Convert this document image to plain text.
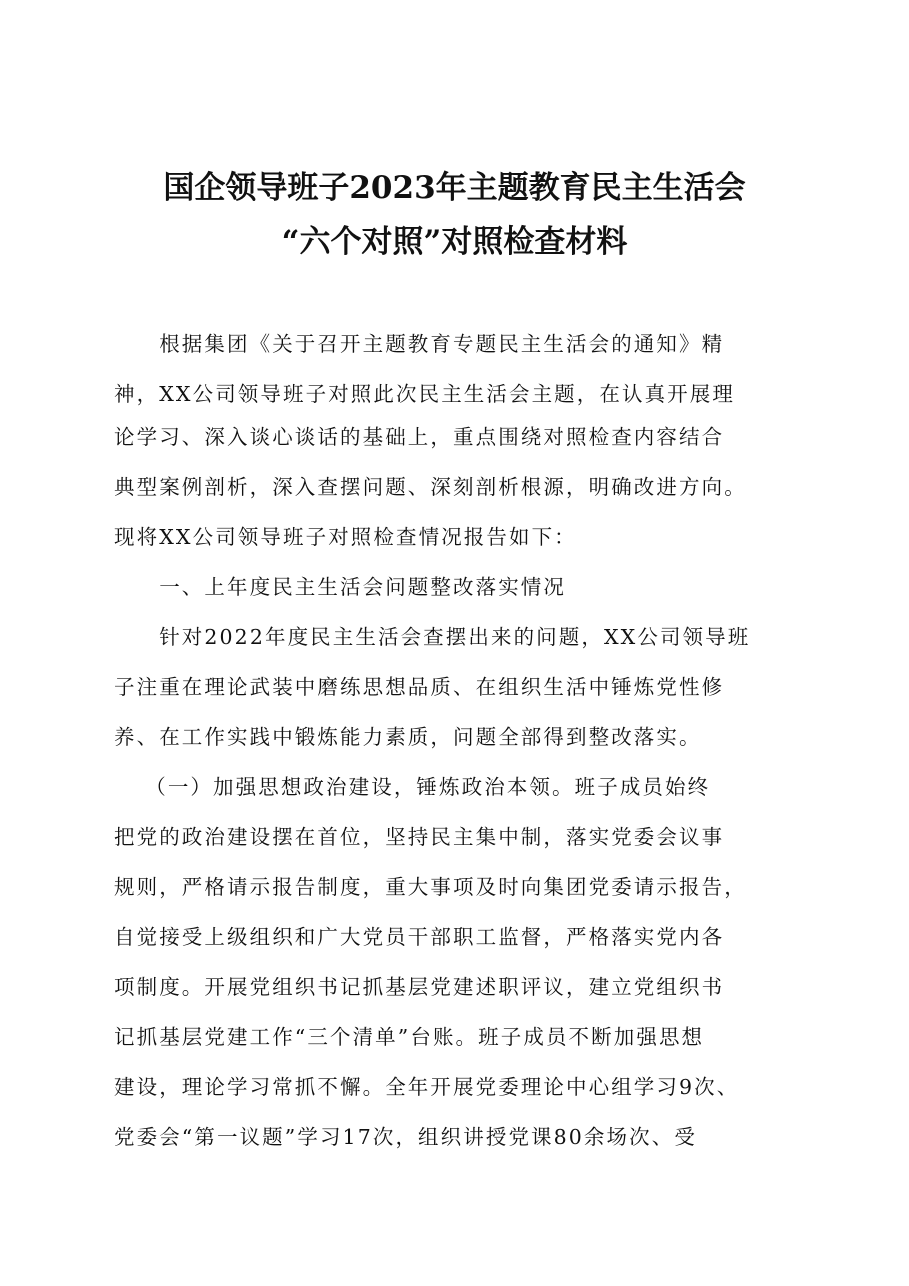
国企领导班子2023年主题教育民主生活会
“六个对照”对照检查材料
　　根据集团《关于召开主题教育专题民主生活会的通知》精
神，XX公司领导班子对照此次民主生活会主题，在认真开展理
论学习、深入谈心谈话的基础上，重点围绕对照检查内容结合
典型案例剖析，深入查摆问题、深刻剖析根源，明确改进方向。
现将XX公司领导班子对照检查情况报告如下：
　　一、上年度民主生活会问题整改落实情况
　　针对2022年度民主生活会查摆出来的问题，XX公司领导班
子注重在理论武装中磨练思想品质、在组织生活中锤炼党性修
养、在工作实践中锻炼能力素质，问题全部得到整改落实。
　 （一）加强思想政治建设，锤炼政治本领。班子成员始终
把党的政治建设摆在首位，坚持民主集中制，落实党委会议事
规则，严格请示报告制度，重大事项及时向集团党委请示报告，
自觉接受上级组织和广大党员干部职工监督，严格落实党内各
项制度。开展党组织书记抓基层党建述职评议，建立党组织书
记抓基层党建工作“三个清单”台账。班子成员不断加强思想
建设，理论学习常抓不懈。全年开展党委理论中心组学习9次、
党委会“第一议题”学习17次，组织讲授党课80余场次、受
